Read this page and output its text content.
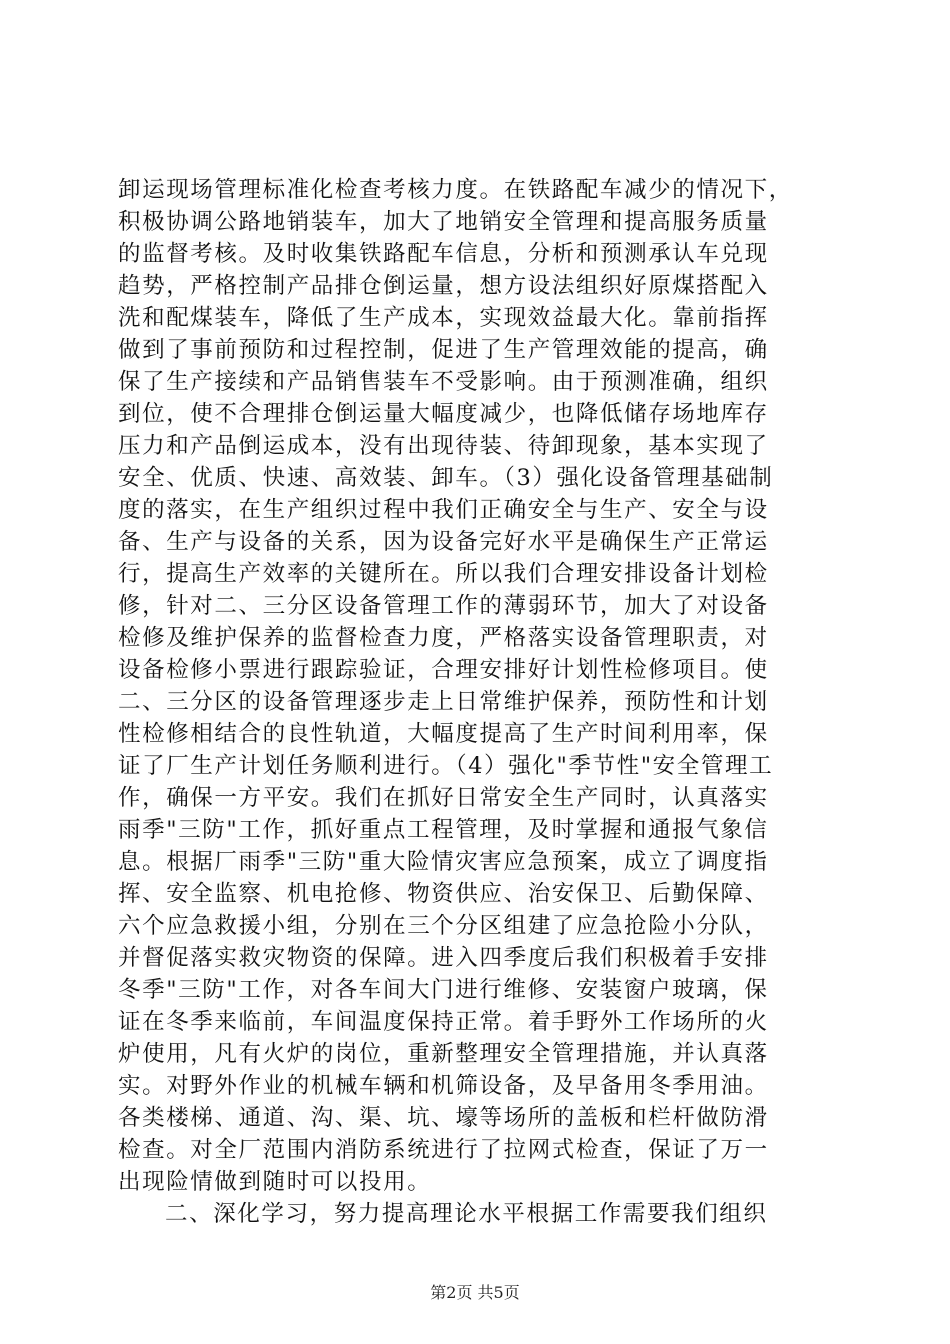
卸运现场管理标准化检查考核力度。在铁路配车减少的情况下，
积极协调公路地销装车，加大了地销安全管理和提高服务质量
的监督考核。及时收集铁路配车信息，分析和预测承认车兑现
趋势，严格控制产品排仓倒运量，想方设法组织好原煤搭配入
洗和配煤装车，降低了生产成本，实现效益最大化。靠前指挥
做到了事前预防和过程控制，促进了生产管理效能的提高，确
保了生产接续和产品销售装车不受影响。由于预测准确，组织
到位，使不合理排仓倒运量大幅度减少，也降低储存场地库存
压力和产品倒运成本，没有出现待装、待卸现象，基本实现了
安全、优质、快速、高效装、卸车。（3）强化设备管理基础制
度的落实，在生产组织过程中我们正确安全与生产、安全与设
备、生产与设备的关系，因为设备完好水平是确保生产正常运
行，提高生产效率的关键所在。所以我们合理安排设备计划检
修，针对二、三分区设备管理工作的薄弱环节，加大了对设备
检修及维护保养的监督检查力度，严格落实设备管理职责，对
设备检修小票进行跟踪验证，合理安排好计划性检修项目。使
二、三分区的设备管理逐步走上日常维护保养，预防性和计划
性检修相结合的良性轨道，大幅度提高了生产时间利用率，保
证了厂生产计划任务顺利进行。（4）强化"季节性"安全管理工
作，确保一方平安。我们在抓好日常安全生产同时，认真落实
雨季"三防"工作，抓好重点工程管理，及时掌握和通报气象信
息。根据厂雨季"三防"重大险情灾害应急预案，成立了调度指
挥、安全监察、机电抢修、物资供应、治安保卫、后勤保障、
六个应急救援小组，分别在三个分区组建了应急抢险小分队，
并督促落实救灾物资的保障。进入四季度后我们积极着手安排
冬季"三防"工作，对各车间大门进行维修、安装窗户玻璃，保
证在冬季来临前，车间温度保持正常。着手野外工作场所的火
炉使用，凡有火炉的岗位，重新整理安全管理措施，并认真落
实。对野外作业的机械车辆和机筛设备，及早备用冬季用油。
各类楼梯、通道、沟、渠、坑、壕等场所的盖板和栏杆做防滑
检查。对全厂范围内消防系统进行了拉网式检查，保证了万一
出现险情做到随时可以投用。
二、深化学习，努力提高理论水平根据工作需要我们组织
第2页 共5页
